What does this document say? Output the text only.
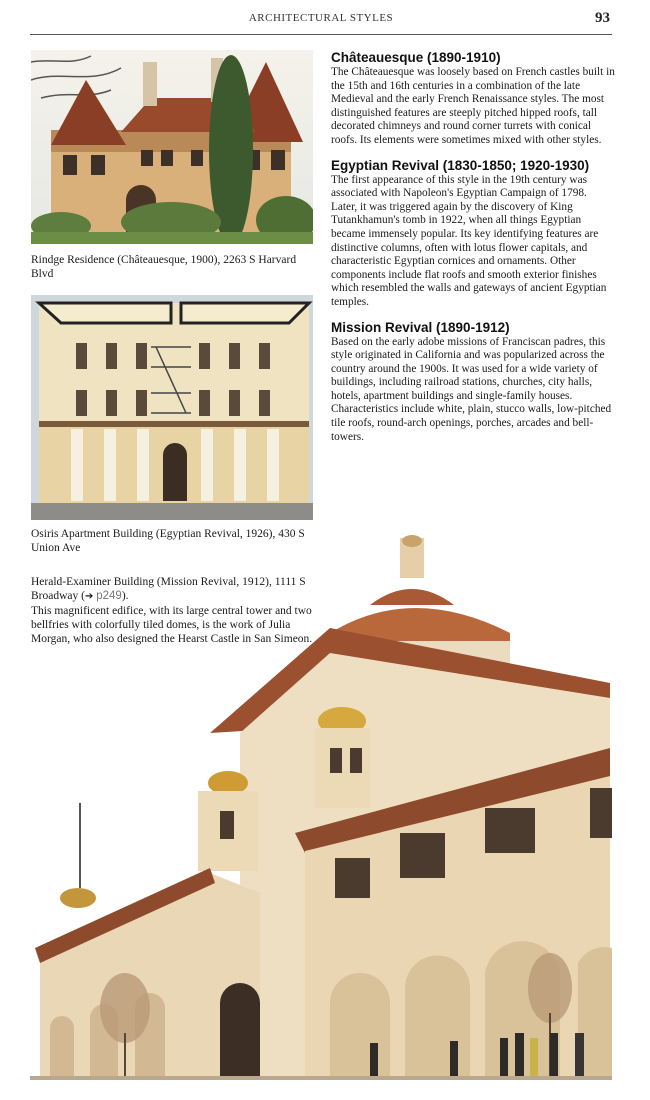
ARCHITECTURAL STYLES	93
Rindge Residence (Châteauesque, 1900), 2263 S Harvard Blvd
Osiris Apartment Building (Egyptian Revival, 1926), 430 S Union Ave
Herald-Examiner Building (Mission Revival, 1912), 1111 S Broadway (➔ p249).
This magnificent edifice, with its large central tower and two bellfries with colorfully tiled domes, is the work of Julia Morgan, who also designed the Hearst Castle in San Simeon.
Châteauesque (1890-1910)

The Châteauesque was loosely based on French castles built in the 15th and 16th centuries in a combination of the late Medieval and the early French Renaissance styles. The most distinguished features are steeply pitched hipped roofs, tall decorated chimneys and round corner turrets with conical roofs. Its elements were sometimes mixed with other styles.

Egyptian Revival (1830-1850; 1920-1930)

The first appearance of this style in the 19th century was associated with Napoleon's Egyptian Campaign of 1798. Later, it was triggered again by the discovery of King Tutankhamun's tomb in 1922, when all things Egyptian became immensely popular. Its key identifying features are distinctive columns, often with lotus flower capitals, and characteristic Egyptian cornices and ornaments. Other components include flat roofs and smooth exterior finishes which resembled the walls and gateways of ancient Egyptian temples.

Mission Revival (1890-1912)

Based on the early adobe missions of Franciscan padres, this style originated in California and was popularized across the country around the 1900s. It was used for a wide variety of buildings, including railroad stations, churches, city halls, hotels, apartment buildings and single-family houses. Characteristics include white, plain, stucco walls, low-pitched tile roofs, round-arch openings, porches, arcades and bell-towers.
